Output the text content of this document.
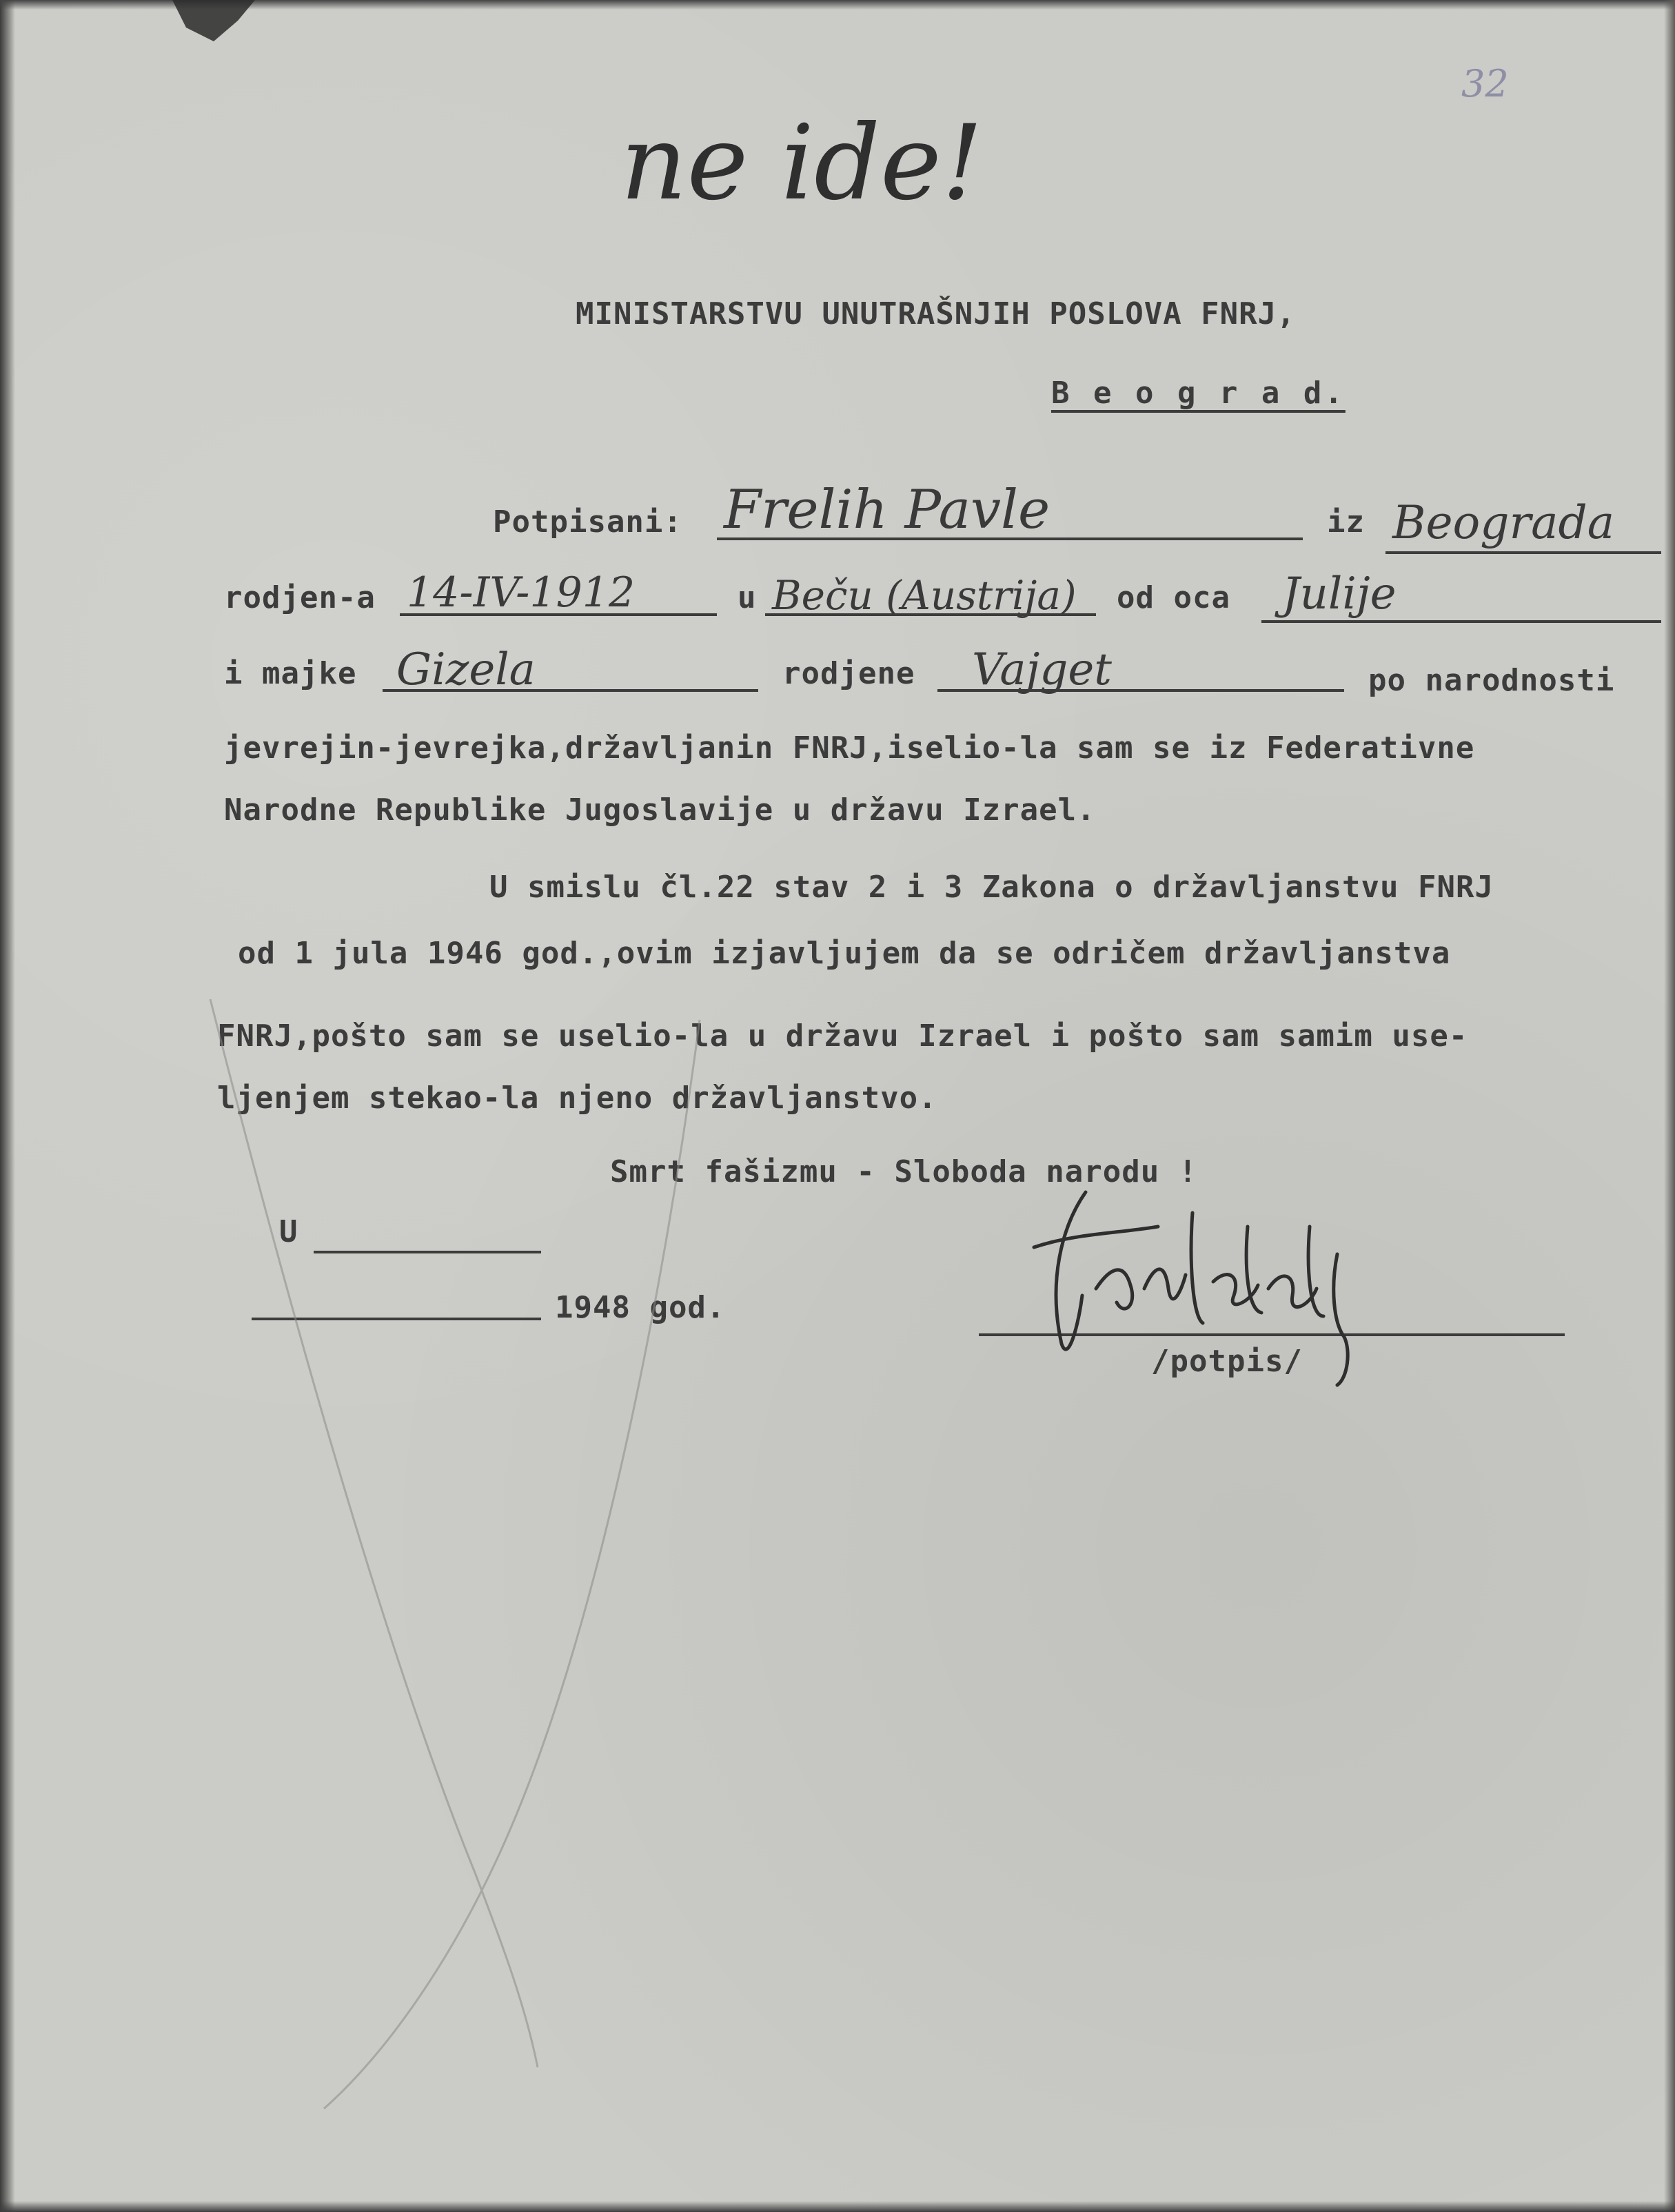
ne ide!
32
MINISTARSTVU UNUTRAŠNJIH POSLOVA FNRJ,
B e o g r a d.
Potpisani: Frelih Pavle	iz Beograda
rodjen-a 14-IV-1912	u Beču (Austrija) od oca Julije
i majke Gizela	rodjene Vajget	po narodnosti
jevrejin-jevrejka,državljanin FNRJ,iselio-la sam se iz Federativne
Narodne Republike Jugoslavije u državu Izrael.
U smislu čl.22 stav 2 i 3 Zakona o državljanstvu FNRJ
od 1 jula 1946 god.,ovim izjavljujem da se odričem državljanstva
FNRJ,pošto sam se uselio-la u državu Izrael i pošto sam samim use-
ljenjem stekao-la njeno državljanstvo.
Smrt fašizmu - Sloboda narodu !
U
1948 god.
/potpis/
